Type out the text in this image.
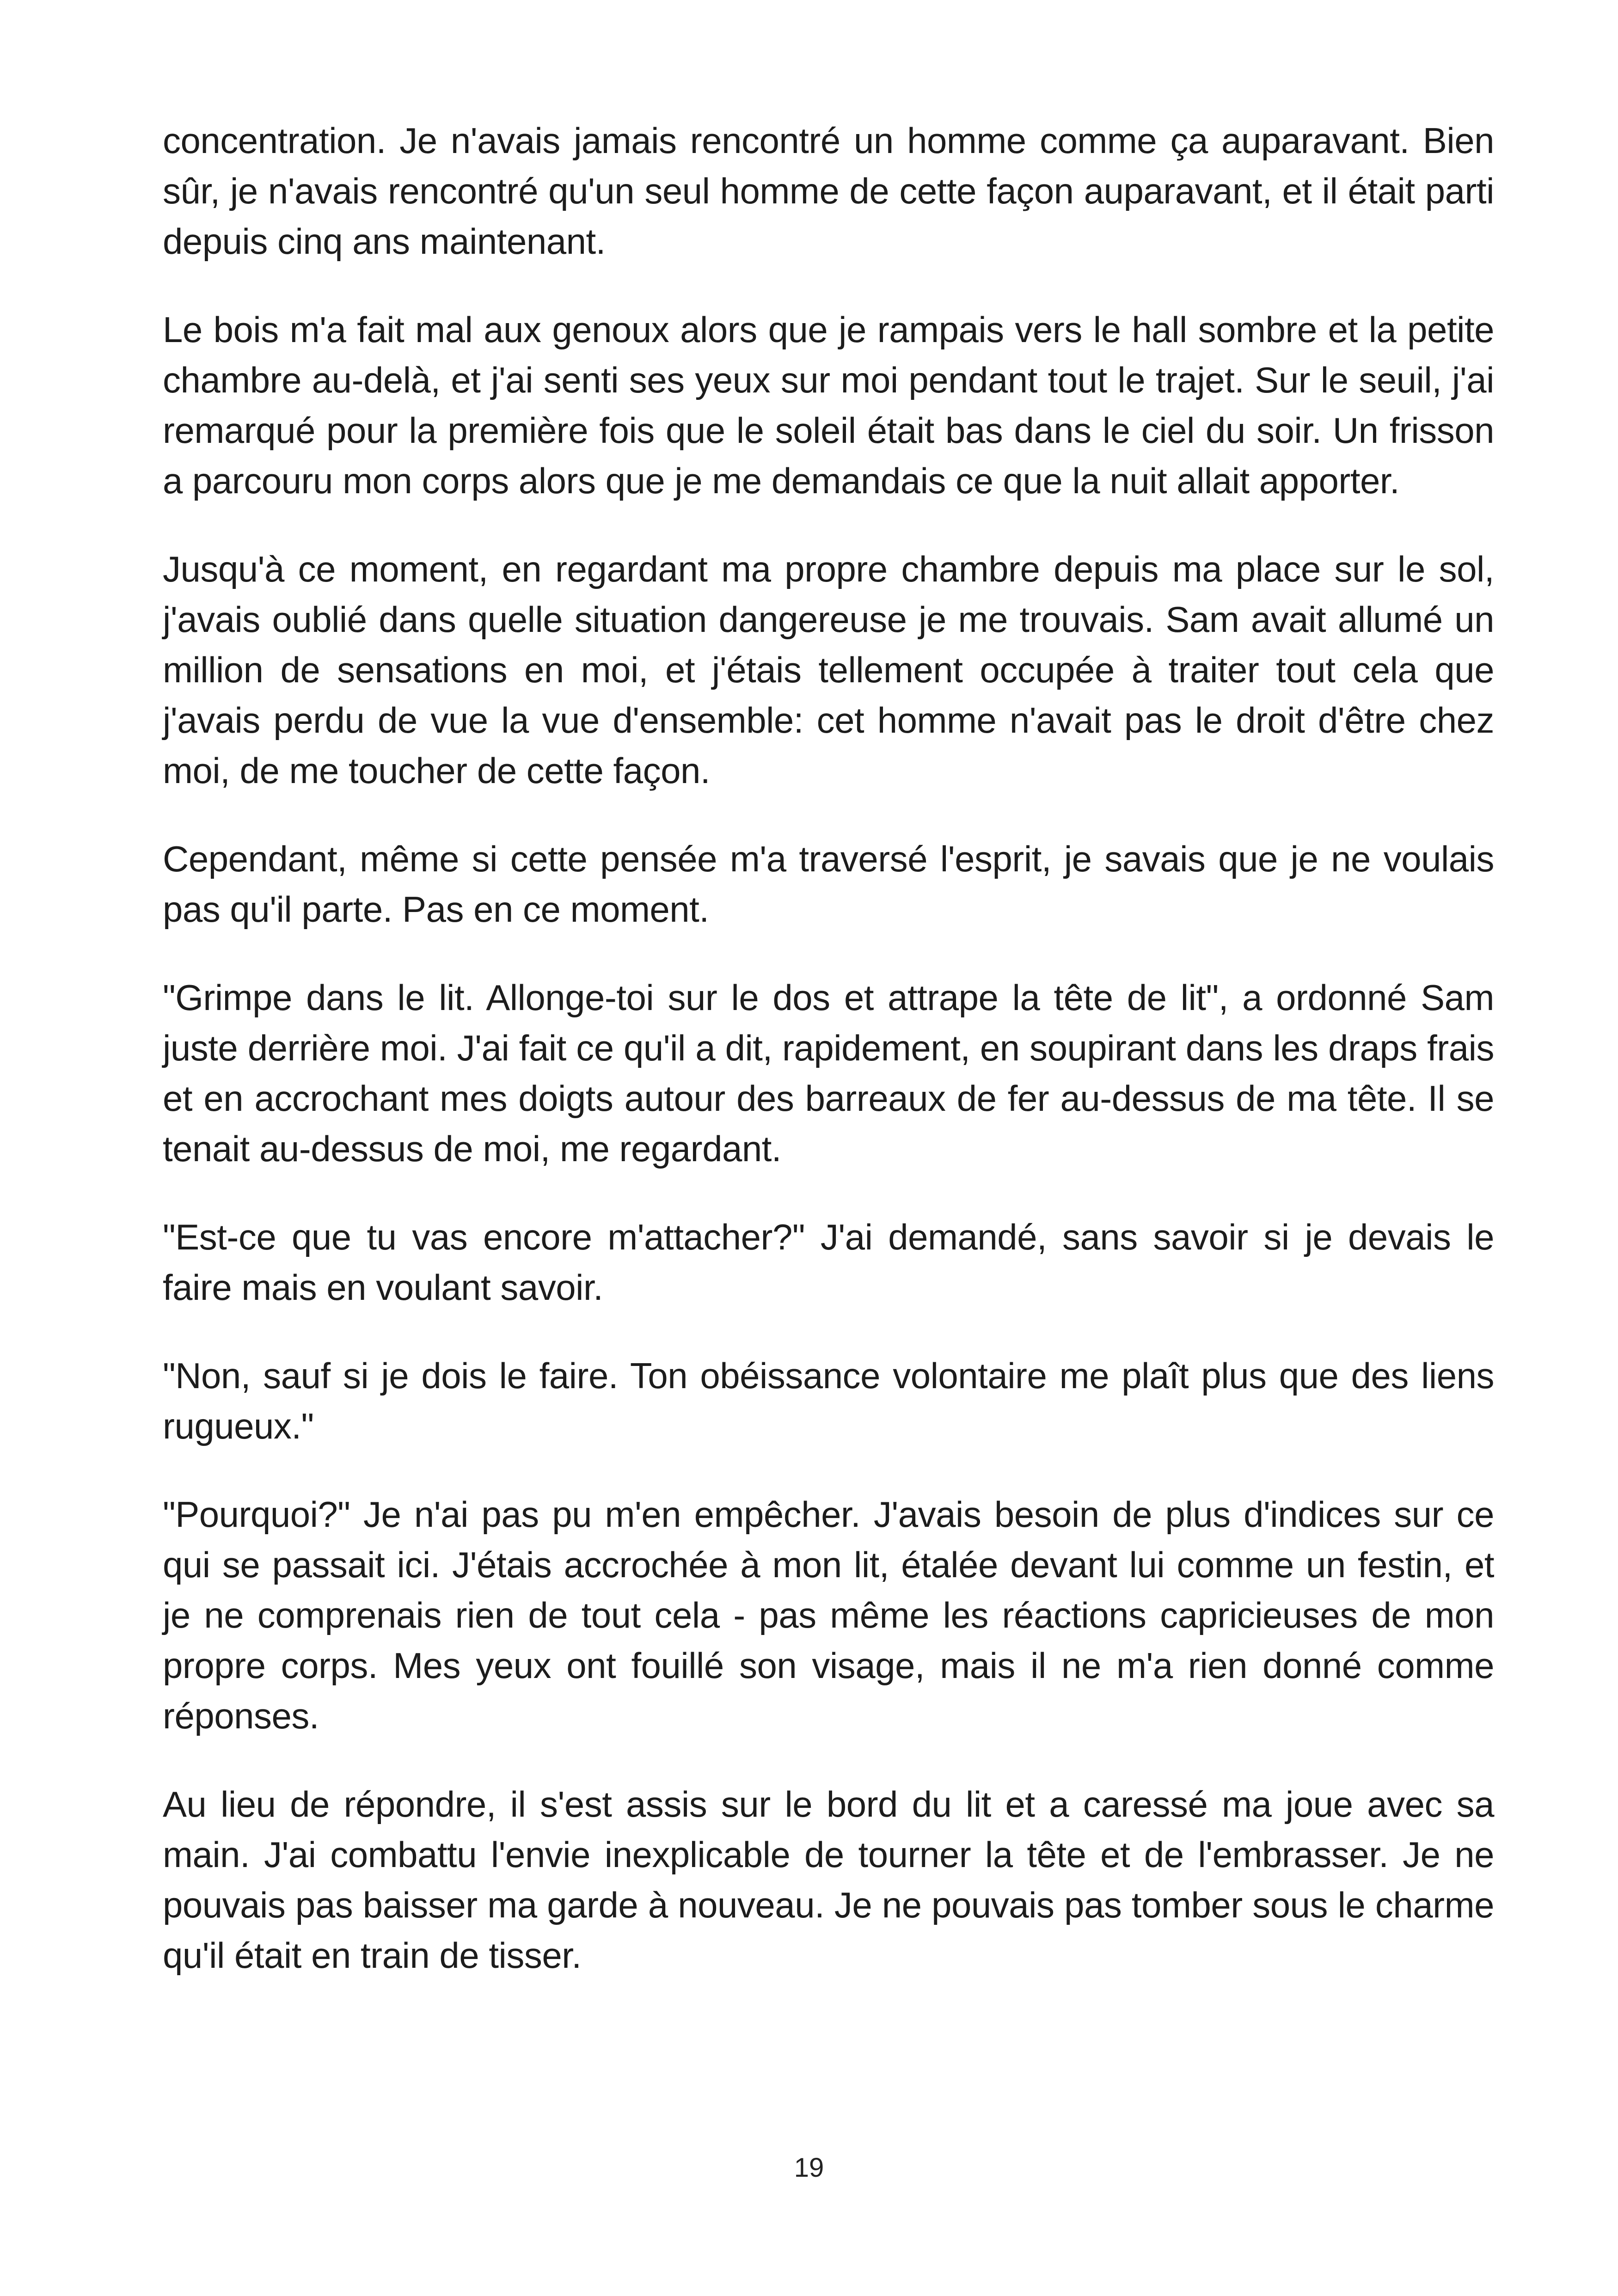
concentration. Je n'avais jamais rencontré un homme comme ça auparavant. Bien sûr, je n'avais rencontré qu'un seul homme de cette façon auparavant, et il était parti depuis cinq ans maintenant.

Le bois m'a fait mal aux genoux alors que je rampais vers le hall sombre et la petite chambre au-delà, et j'ai senti ses yeux sur moi pendant tout le trajet. Sur le seuil, j'ai remarqué pour la première fois que le soleil était bas dans le ciel du soir. Un frisson a parcouru mon corps alors que je me demandais ce que la nuit allait apporter.

Jusqu'à ce moment, en regardant ma propre chambre depuis ma place sur le sol, j'avais oublié dans quelle situation dangereuse je me trouvais. Sam avait allumé un million de sensations en moi, et j'étais tellement occupée à traiter tout cela que j'avais perdu de vue la vue d'ensemble: cet homme n'avait pas le droit d'être chez moi, de me toucher de cette façon.

Cependant, même si cette pensée m'a traversé l'esprit, je savais que je ne voulais pas qu'il parte. Pas en ce moment.

"Grimpe dans le lit. Allonge-toi sur le dos et attrape la tête de lit", a ordonné Sam juste derrière moi. J'ai fait ce qu'il a dit, rapidement, en soupirant dans les draps frais et en accrochant mes doigts autour des barreaux de fer au-dessus de ma tête. Il se tenait au-dessus de moi, me regardant.

"Est-ce que tu vas encore m'attacher?" J'ai demandé, sans savoir si je devais le faire mais en voulant savoir.

"Non, sauf si je dois le faire. Ton obéissance volontaire me plaît plus que des liens rugueux."

"Pourquoi?" Je n'ai pas pu m'en empêcher. J'avais besoin de plus d'indices sur ce qui se passait ici. J'étais accrochée à mon lit, étalée devant lui comme un festin, et je ne comprenais rien de tout cela - pas même les réactions capricieuses de mon propre corps. Mes yeux ont fouillé son visage, mais il ne m'a rien donné comme réponses.

Au lieu de répondre, il s'est assis sur le bord du lit et a caressé ma joue avec sa main. J'ai combattu l'envie inexplicable de tourner la tête et de l'embrasser. Je ne pouvais pas baisser ma garde à nouveau. Je ne pouvais pas tomber sous le charme qu'il était en train de tisser.

19
